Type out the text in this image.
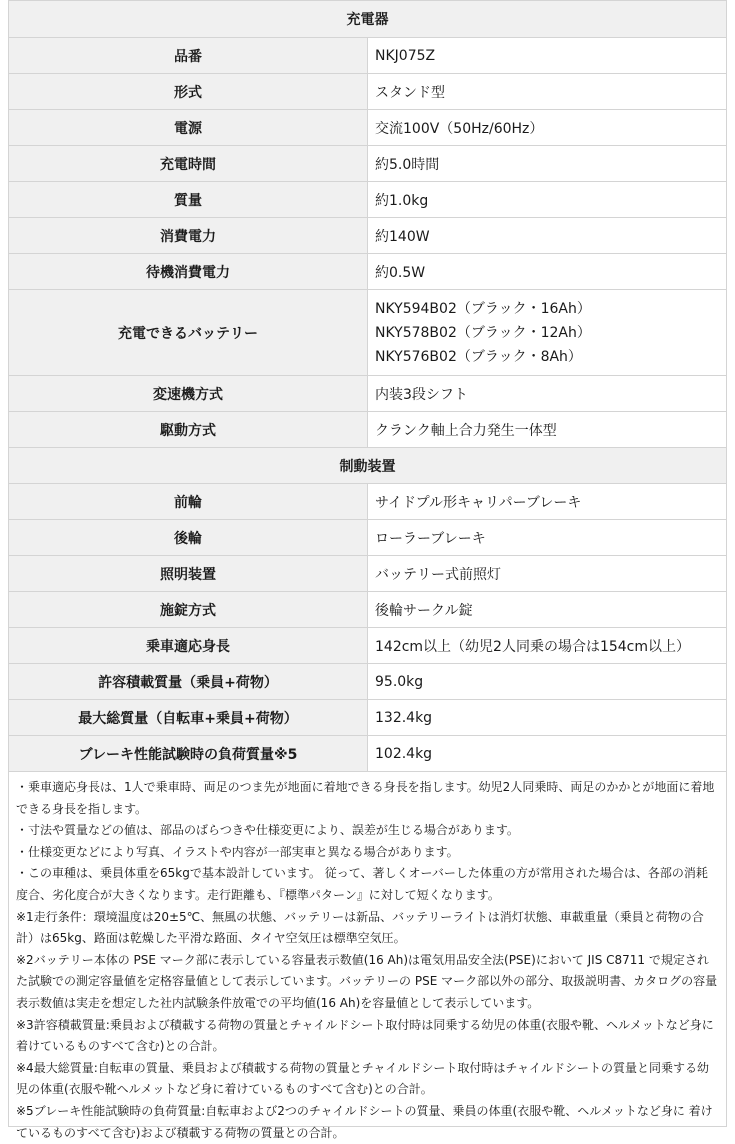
充電器	
品番	NKJ075Z
形式	スタンド型
電源	交流100V（50Hz/60Hz）
充電時間	約5.0時間
質量	約1.0kg
消費電力	約140W
待機消費電力	約0.5W
充電できるバッテリー	NKY594B02（ブラック・16Ah）
NKY578B02（ブラック・12Ah）
NKY576B02（ブラック・8Ah）

変速機方式	内装3段シフト
駆動方式	クランク軸上合力発生一体型
制動装置	
前輪	サイドプル形キャリパーブレーキ
後輪	ローラーブレーキ
照明装置	バッテリー式前照灯
施錠方式	後輪サークル錠
乗車適応身長	142cm以上（幼児2人同乗の場合は154cm以上）
許容積載質量（乗員+荷物）	95.0kg
最大総質量（自転車+乗員+荷物）	132.4kg
ブレーキ性能試験時の負荷質量※5	102.4kg

・乗車適応身長は、1人で乗車時、両足のつま先が地面に着地できる身長を指します。幼児2人同乗時、両足のかかとが地面に着地できる身長を指します。

・寸法や質量などの値は、部品のばらつきや仕様変更により、誤差が生じる場合があります。

・仕様変更などにより写真、イラストや内容が一部実車と異なる場合があります。

・この車種は、乗員体重を65kgで基本設計しています。 従って、著しくオーバーした体重の方が常用された場合は、各部の消耗度合、劣化度合が大きくなります。走行距離も、『標準パターン』に対して短くなります。

※1走行条件：環境温度は20±5℃、無風の状態、バッテリーは新品、バッテリーライトは消灯状態、車載重量（乗員と荷物の合計）は65kg、路面は乾燥した平滑な路面、タイヤ空気圧は標準空気圧。

※2バッテリー本体の PSE マーク部に表示している容量表示数値(16 Ah)は電気用品安全法(PSE)において JIS C8711 で規定された試験での測定容量値を定格容量値として表示しています。バッテリーの PSE マーク部以外の部分、取扱説明書、カタログの容量表示数値は実走を想定した社内試験条件放電での平均値(16 Ah)を容量値として表示しています。

※3許容積載質量:乗員および積載する荷物の質量とチャイルドシート取付時は同乗する幼児の体重(衣服や靴、ヘルメットなど身に着けているものすべて含む)との合計。

※4最大総質量:自転車の質量、乗員および積載する荷物の質量とチャイルドシート取付時はチャイルドシートの質量と同乗する幼児の体重(衣服や靴ヘルメットなど身に着けているものすべて含む)との合計。

※5ブレーキ性能試験時の負荷質量:自転車および2つのチャイルドシートの質量、乗員の体重(衣服や靴、ヘルメットなど身に 着けているものすべて含む)および積載する荷物の質量との合計。
